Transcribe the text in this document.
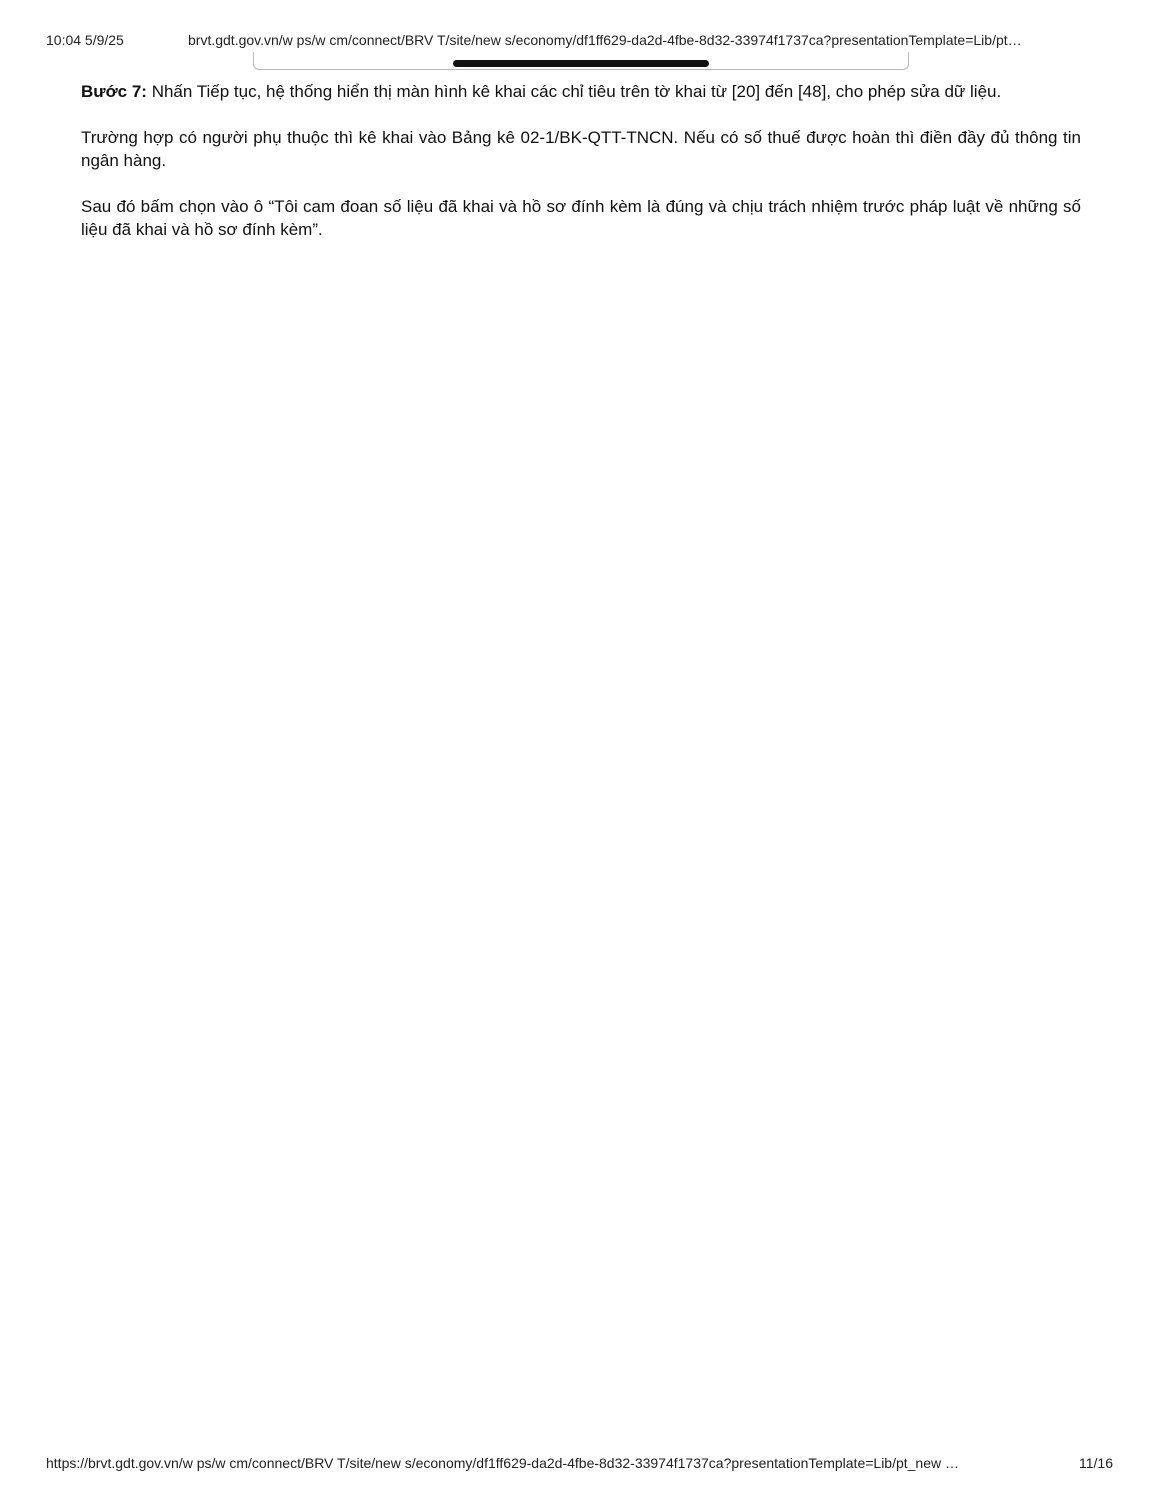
10:04 5/9/25	brvt.gdt.gov.vn/w ps/w cm/connect/BRV T/site/new s/economy/df1ff629-da2d-4fbe-8d32-33974f1737ca?presentationTemplate=Lib/pt…

Bước 7: Nhấn Tiếp tục, hệ thống hiển thị màn hình kê khai các chỉ tiêu trên tờ khai từ [20] đến [48], cho phép sửa dữ liệu.

Trường hợp có người phụ thuộc thì kê khai vào Bảng kê 02-1/BK-QTT-TNCN. Nếu có số thuế được hoàn thì điền đầy đủ thông tin ngân hàng.

Sau đó bấm chọn vào ô “Tôi cam đoan số liệu đã khai và hồ sơ đính kèm là đúng và chịu trách nhiệm trước pháp luật về những số liệu đã khai và hồ sơ đính kèm”.

https://brvt.gdt.gov.vn/w ps/w cm/connect/BRV T/site/new s/economy/df1ff629-da2d-4fbe-8d32-33974f1737ca?presentationTemplate=Lib/pt_new …	11/16
